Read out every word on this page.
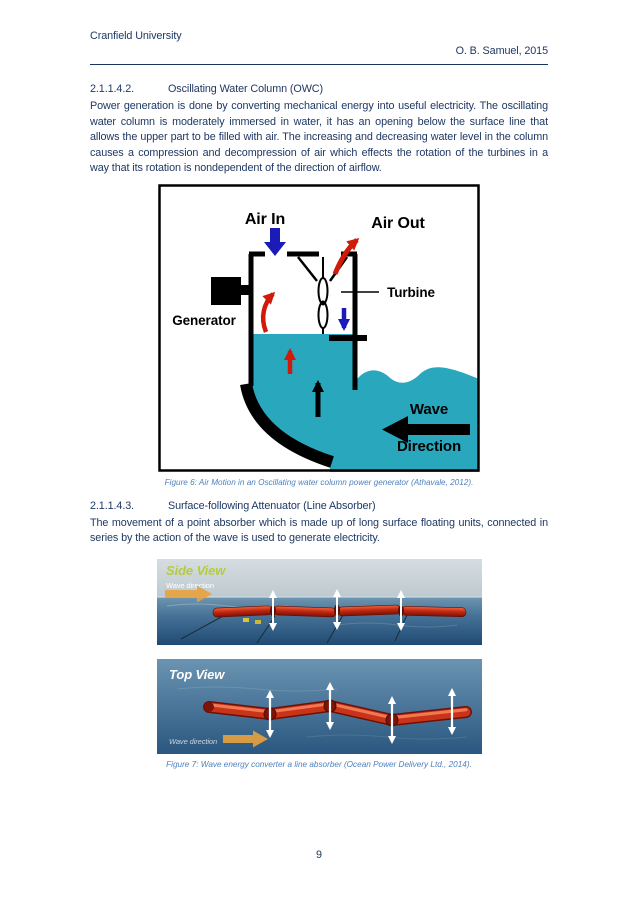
Cranfield University
O. B. Samuel, 2015
2.1.1.4.2.	Oscillating Water Column (OWC)

Power generation is done by converting mechanical energy into useful electricity. The oscillating water column is moderately immersed in water, it has an opening below the surface line that allows the upper part to be filled with air. The increasing and decreasing water level in the column causes a compression and decompression of air which effects the rotation of the turbines in a way that its rotation is nondependent of the direction of airflow.

Air In	Air Out
Turbine
Generator
Wave
Direction
Figure 6: Air Motion in an Oscillating water column power generator (Athavale, 2012).
2.1.1.4.3.	Surface-following Attenuator (Line Absorber)

The movement of a point absorber which is made up of long surface floating units, connected in series by the action of the wave is used to generate electricity.

Side View
Wave direction
Top View
Wave direction
Figure 7: Wave energy converter a line absorber (Ocean Power Delivery Ltd., 2014).
9
